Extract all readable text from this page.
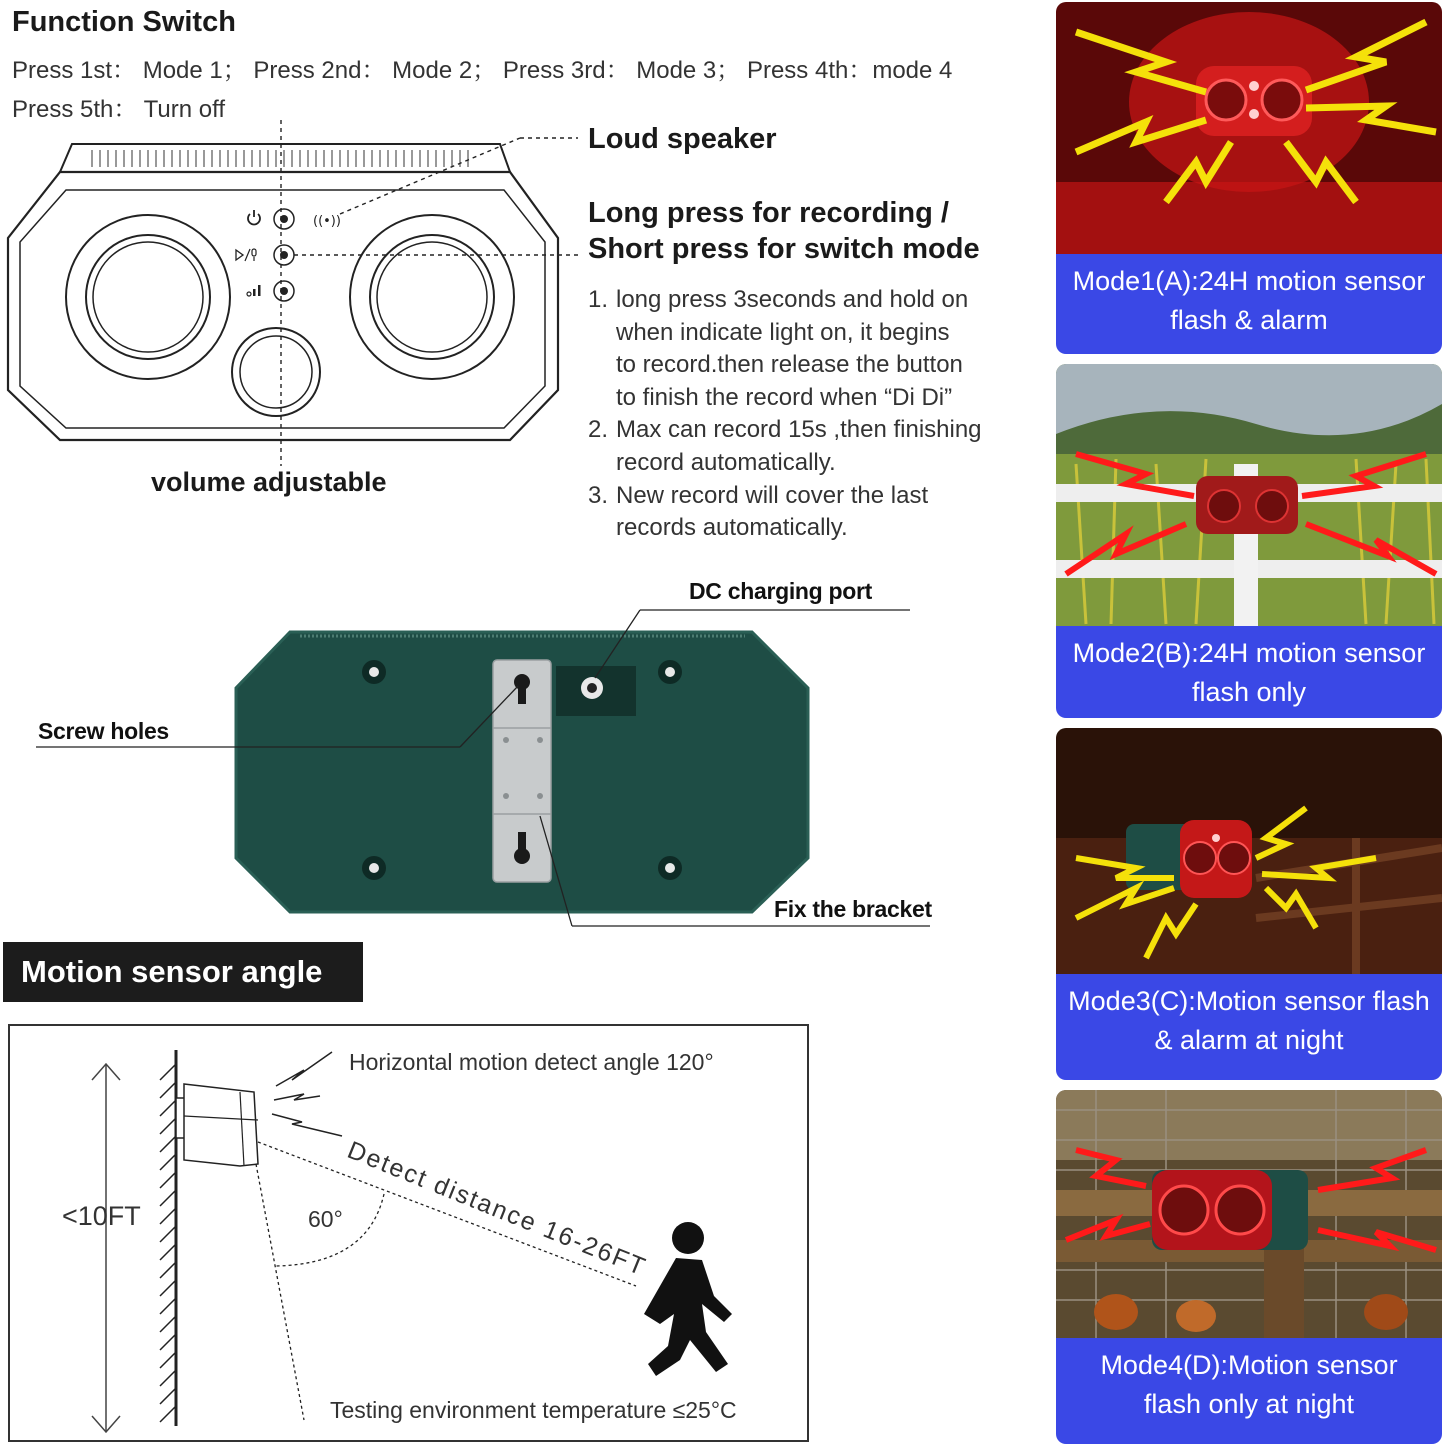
Function Switch
Press 1st： Mode 1； Press 2nd： Mode 2； Press 3rd： Mode 3； Press 4th：mode 4
Press 5th： Turn off
((•))
Loud speaker
Long press for recording /
Short press for switch mode
volume adjustable
1. long press 3seconds and hold on
when indicate light on, it begins
to record.then release the button
to finish the record when “Di Di”
2. Max can record 15s ,then finishing
record automatically.
3. New record will cover the last
records automatically.
DC charging port
Screw holes
Fix the bracket
Motion sensor angle
Horizontal motion detect angle 120°
Detect distance 16-26FT
<10FT	60°
Testing environment temperature ≤25°C
Mode1(A):24H motion sensor
flash & alarm
Mode2(B):24H motion sensor
flash only
Mode3(C):Motion sensor flash
& alarm at night
Mode4(D):Motion sensor
flash only at night
